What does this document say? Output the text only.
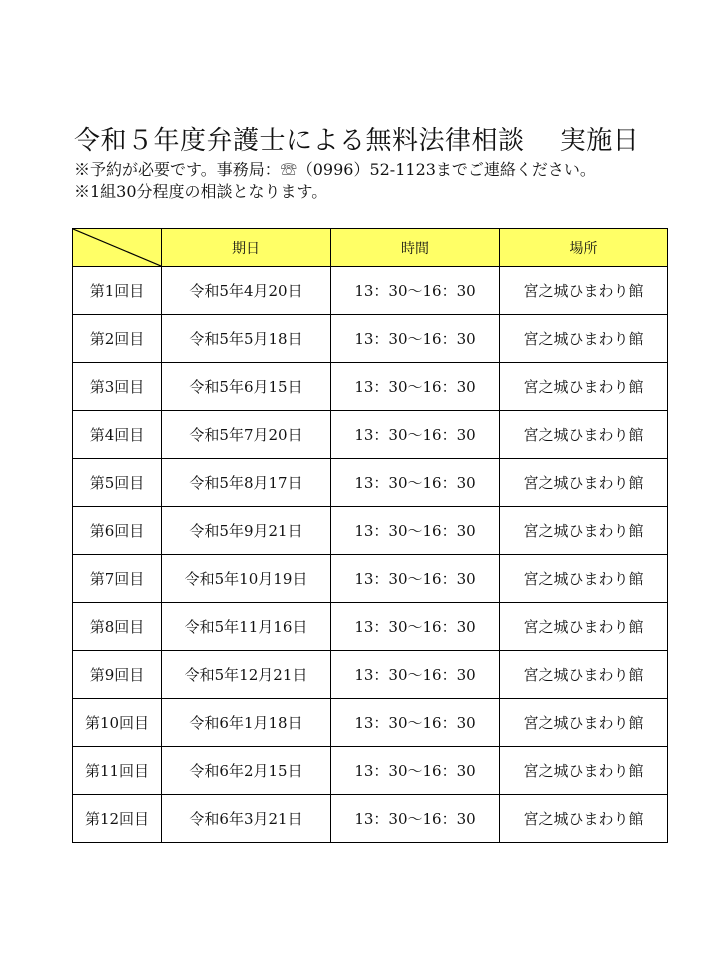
令和５年度弁護士による無料法律相談　 実施日
※予約が必要です。事務局：☏（0996）52-1123までご連絡ください。
※1組30分程度の相談となります。
	期日	時間	場所
第1回目	令和5年4月20日	13：30～16：30	宮之城ひまわり館
第2回目	令和5年5月18日	13：30～16：30	宮之城ひまわり館
第3回目	令和5年6月15日	13：30～16：30	宮之城ひまわり館
第4回目	令和5年7月20日	13：30～16：30	宮之城ひまわり館
第5回目	令和5年8月17日	13：30～16：30	宮之城ひまわり館
第6回目	令和5年9月21日	13：30～16：30	宮之城ひまわり館
第7回目	令和5年10月19日	13：30～16：30	宮之城ひまわり館
第8回目	令和5年11月16日	13：30～16：30	宮之城ひまわり館
第9回目	令和5年12月21日	13：30～16：30	宮之城ひまわり館
第10回目	令和6年1月18日	13：30～16：30	宮之城ひまわり館
第11回目	令和6年2月15日	13：30～16：30	宮之城ひまわり館
第12回目	令和6年3月21日	13：30～16：30	宮之城ひまわり館
